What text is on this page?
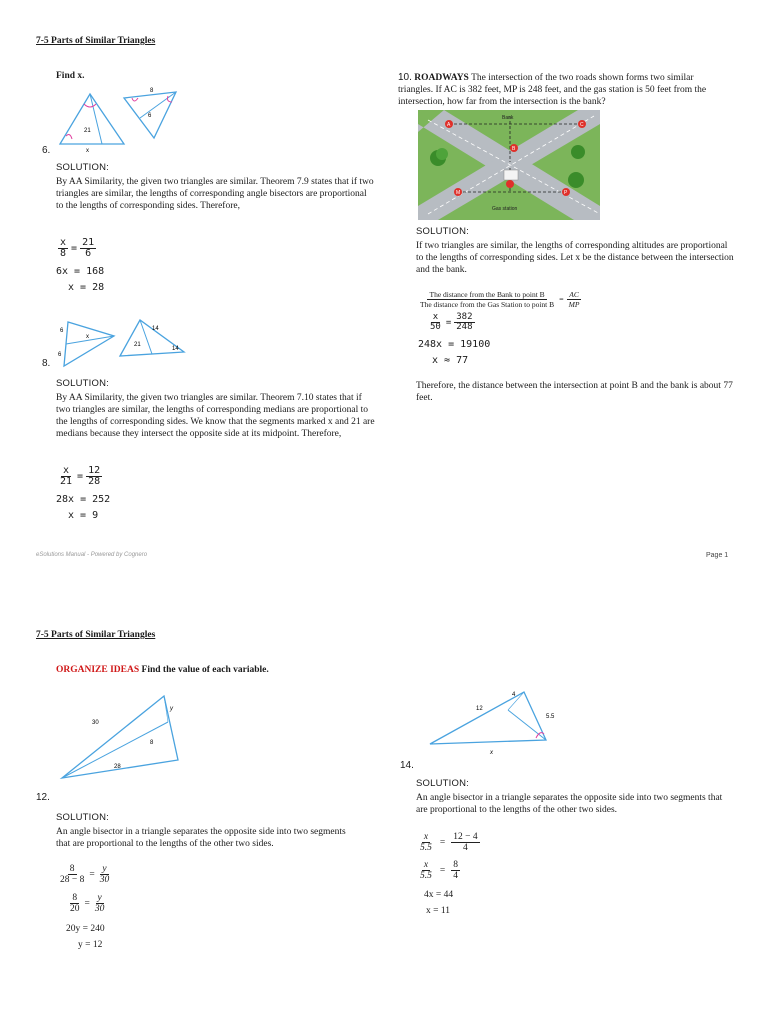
7-5 Parts of Similar Triangles
Find x.
8
6
21
x
6.
SOLUTION:
By AA Similarity, the given two triangles are similar. Theorem 7.9 states that if two triangles are similar, the lengths of corresponding angle bisectors are proportional to the lengths of corresponding sides. Therefore,
$\frac{x}{8} = \frac{21}{6}$
6x = 168
x = 28
6
x
6
14
21
14
8.
SOLUTION:
By AA Similarity, the given two triangles are similar. Theorem 7.10 states that if two triangles are similar, the lengths of corresponding medians are proportional to the lengths of corresponding sides. We know that the segments marked x and 21 are medians because they intersect the opposite side at its midpoint. Therefore,
$\frac{x}{21} = \frac{12}{28}$
28x = 252
x = 9
10. ROADWAYS The intersection of the two roads shown forms two similar triangles. If AC is 382 feet, MP is 248 feet, and the gas station is 50 feet from the intersection, how far from the intersection is the bank?
A	C
B
M	P
Bank
Gas station
SOLUTION:
If two triangles are similar, the lengths of corresponding altitudes are proportional to the lengths of corresponding sides. Let x be the distance between the intersection and the bank.
$\frac{\text{The distance from the Bank to point B}}{\text{The distance from the Gas Station to point B}} = \frac{AC}{MP}$
$\frac{x}{50} = \frac{382}{248}$
248x = 19100
x ≈ 77
Therefore, the distance between the intersection at point B and the bank is about 77 feet.
eSolutions Manual - Powered by Cognero	Page 1
7-5 Parts of Similar Triangles
ORGANIZE IDEAS Find the value of each variable.
30
y
8
28
12.
SOLUTION:
An angle bisector in a triangle separates the opposite side into two segments that are proportional to the lengths of the other two sides.
$\frac{8}{28 - 8} = \frac{y}{30}$
$\frac{8}{20} = \frac{y}{30}$
20y = 240
y = 12
4
12
5.5
x
14.
SOLUTION:
An angle bisector in a triangle separates the opposite side into two segments that are proportional to the lengths of the other two sides.
$\frac{x}{5.5} = \frac{12 - 4}{4}$
$\frac{x}{5.5} = \frac{8}{4}$
4x = 44
x = 11
